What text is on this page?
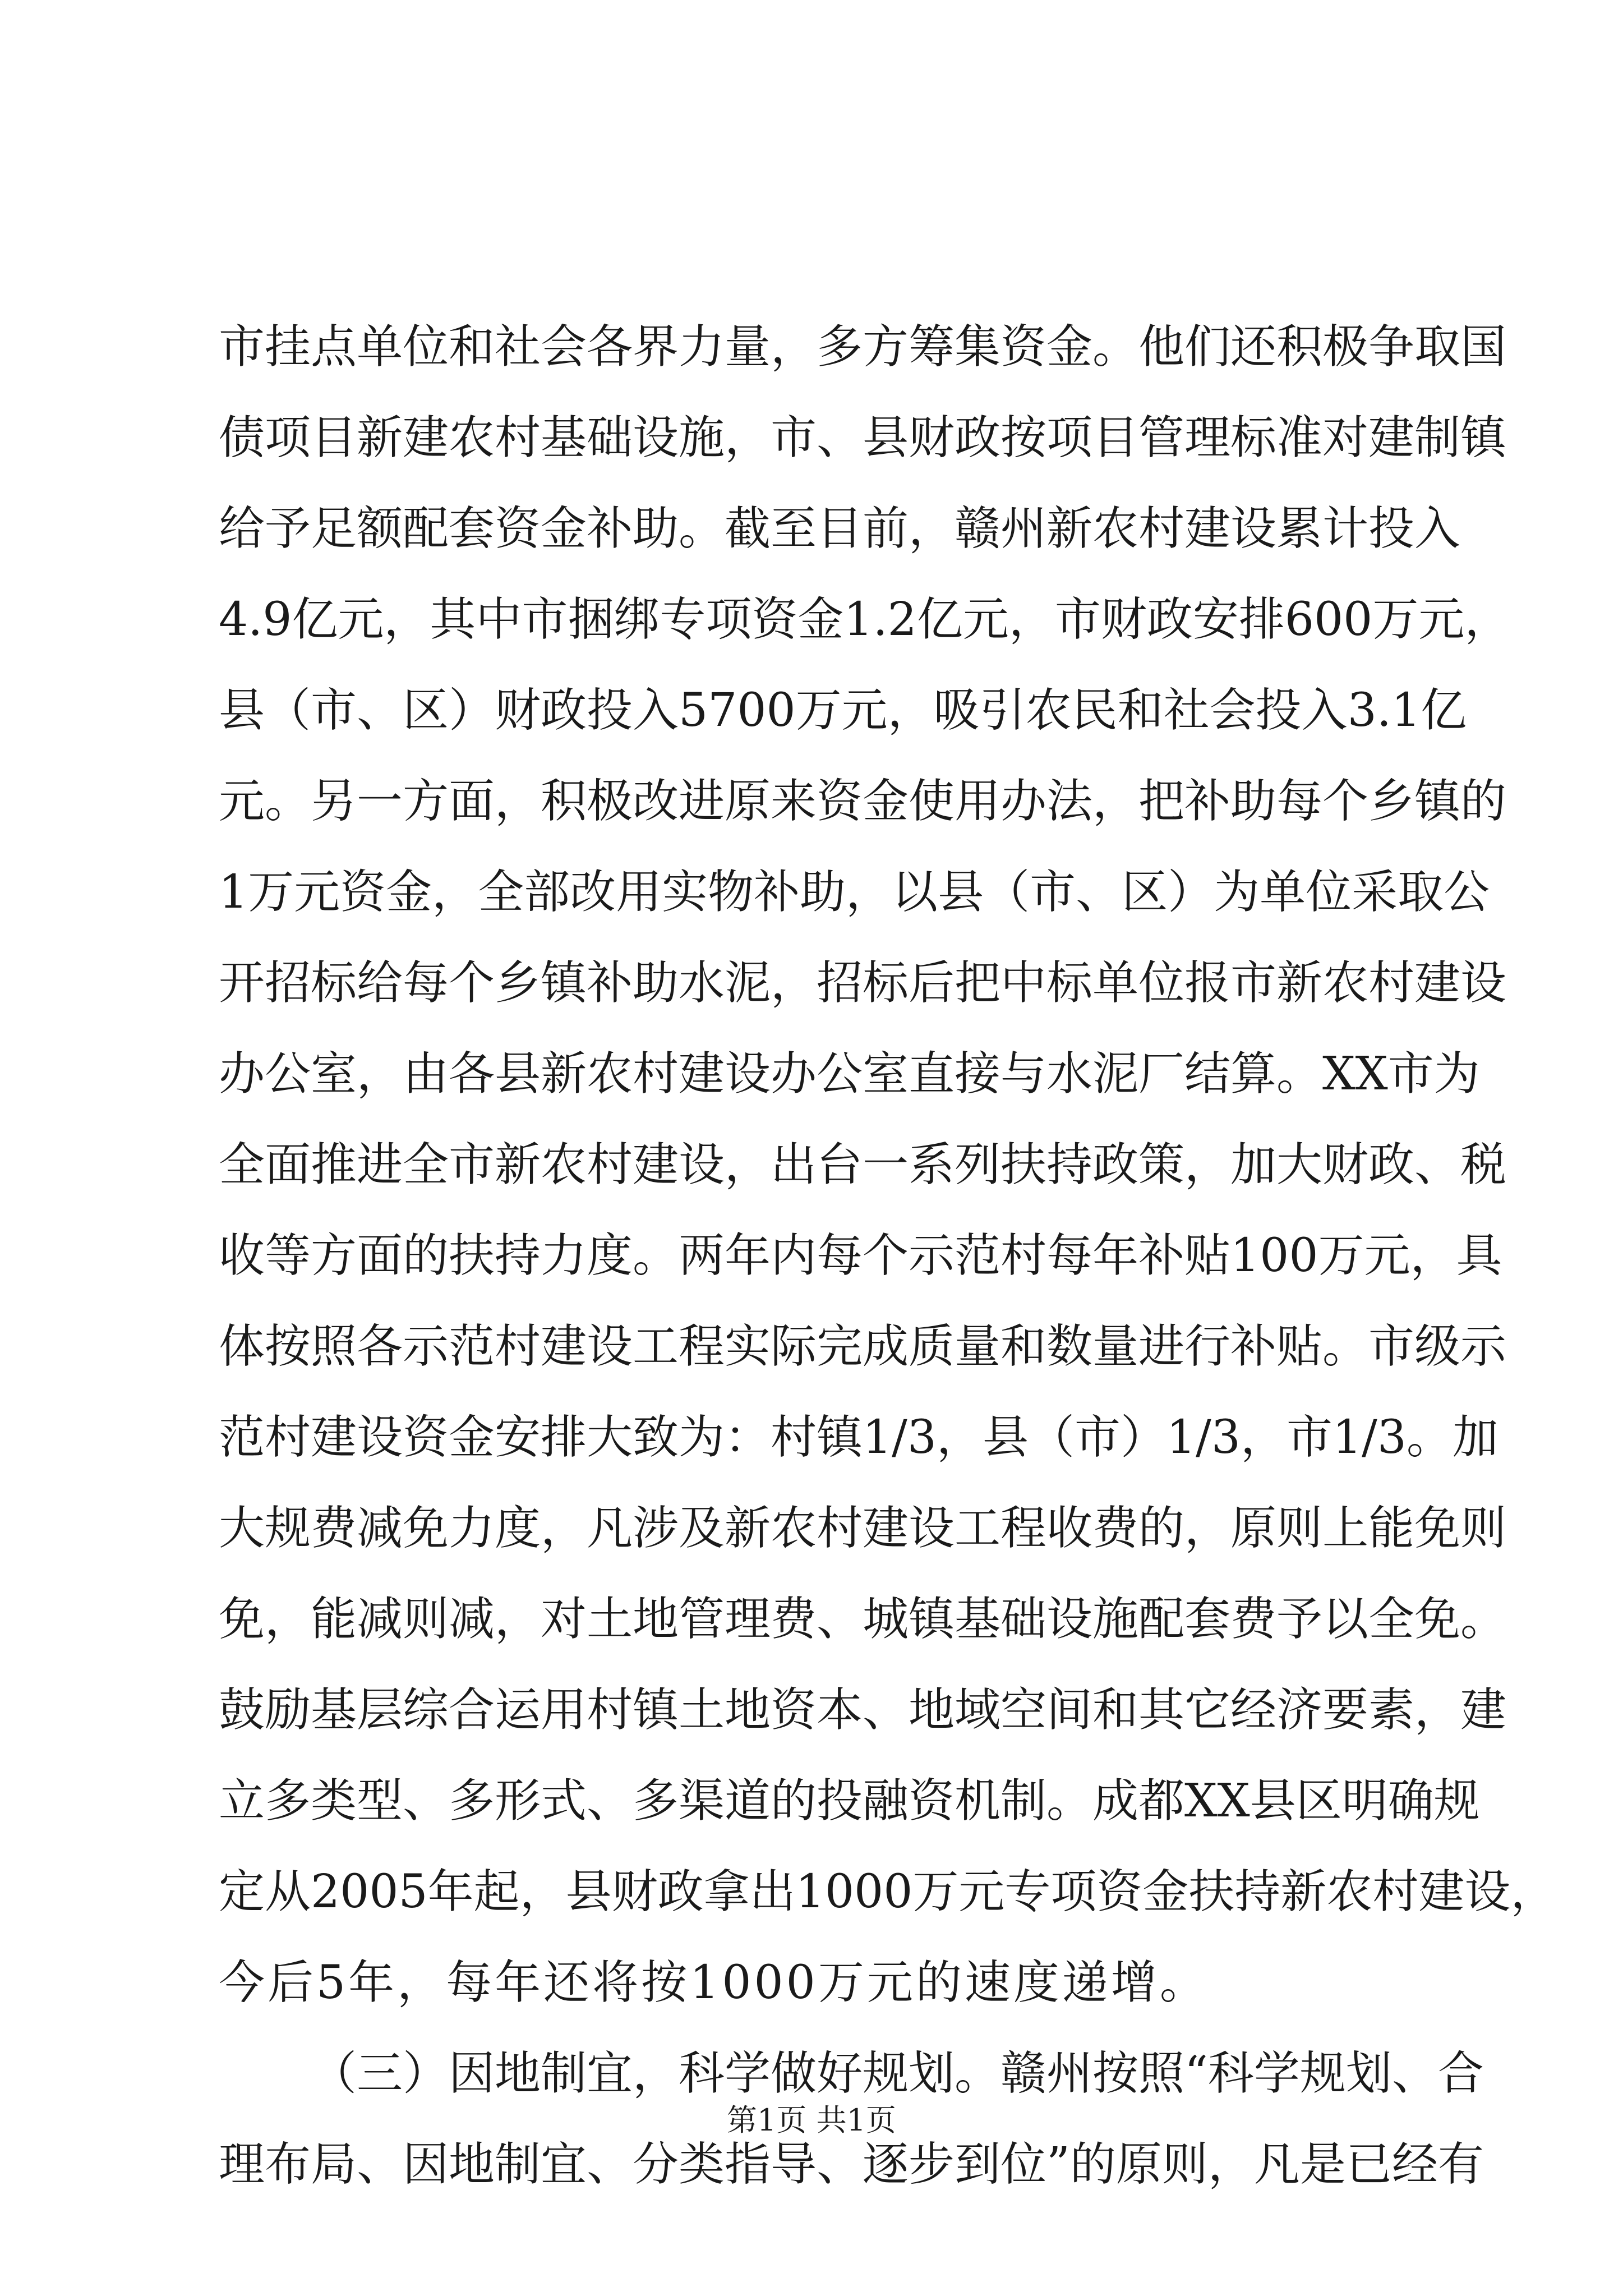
市挂点单位和社会各界力量，多方筹集资金。他们还积极争取国
债项目新建农村基础设施，市、县财政按项目管理标准对建制镇
给予足额配套资金补助。截至目前，赣州新农村建设累计投入
4.9亿元，其中市捆绑专项资金1.2亿元，市财政安排600万元，
县（市、区）财政投入5700万元，吸引农民和社会投入3.1亿
元。另一方面，积极改进原来资金使用办法，把补助每个乡镇的
1万元资金，全部改用实物补助，以县（市、区）为单位采取公
开招标给每个乡镇补助水泥，招标后把中标单位报市新农村建设
办公室，由各县新农村建设办公室直接与水泥厂结算。XX市为
全面推进全市新农村建设，出台一系列扶持政策，加大财政、税
收等方面的扶持力度。两年内每个示范村每年补贴100万元，具
体按照各示范村建设工程实际完成质量和数量进行补贴。市级示
范村建设资金安排大致为：村镇1/3，县（市）1/3，市1/3。加
大规费减免力度，凡涉及新农村建设工程收费的，原则上能免则
免，能减则减，对土地管理费、城镇基础设施配套费予以全免。
鼓励基层综合运用村镇土地资本、地域空间和其它经济要素，建
立多类型、多形式、多渠道的投融资机制。成都XX县区明确规
定从2005年起，县财政拿出1000万元专项资金扶持新农村建设，
今后5年，每年还将按1000万元的速度递增。
（三）因地制宜，科学做好规划。赣州按照“科学规划、合
理布局、因地制宜、分类指导、逐步到位”的原则，凡是已经有
第1页 共1页
